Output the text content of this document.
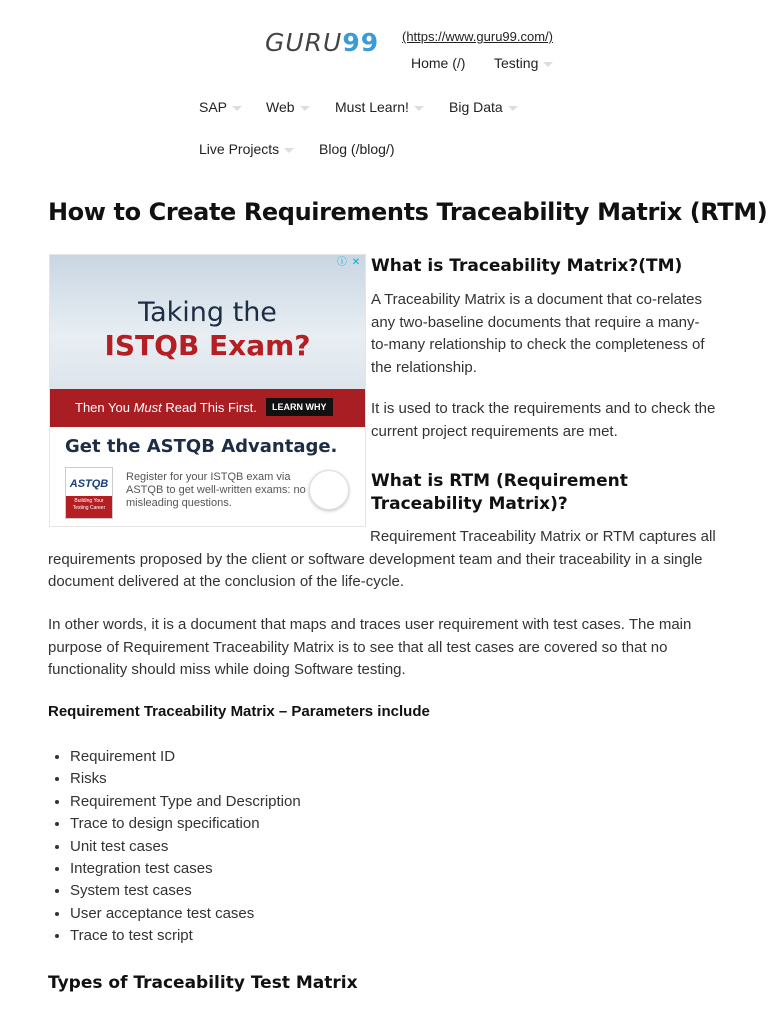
GURU99 (https://www.guru99.com/)
Home (/) Testing
SAP	Web	Must Learn!	Big Data
Live Projects	Blog (/blog/)
How to Create Requirements Traceability Matrix (RTM)
ⓘ ✕
Taking the
ISTQB Exam?
Then You Must Read This First.	LEARN WHY
Get the ASTQB Advantage.
ASTQB
Building Your Testing Career
Register for your ISTQB exam via ASTQB to get well-written exams: no misleading questions.
What is Traceability Matrix?(TM)
A Traceability Matrix is a document that co-relates any two-baseline documents that require a many-to-many relationship to check the completeness of the relationship.
It is used to track the requirements and to check the current project requirements are met.
What is RTM (Requirement Traceability Matrix)?
Requirement Traceability Matrix or RTM captures all requirements proposed by the client or software development team and their traceability in a single document delivered at the conclusion of the life-cycle.
In other words, it is a document that maps and traces user requirement with test cases. The main purpose of Requirement Traceability Matrix is to see that all test cases are covered so that no functionality should miss while doing Software testing.
Requirement Traceability Matrix – Parameters include
• Requirement ID
• Risks
• Requirement Type and Description
• Trace to design specification
• Unit test cases
• Integration test cases
• System test cases
• User acceptance test cases
• Trace to test script
Types of Traceability Test Matrix
